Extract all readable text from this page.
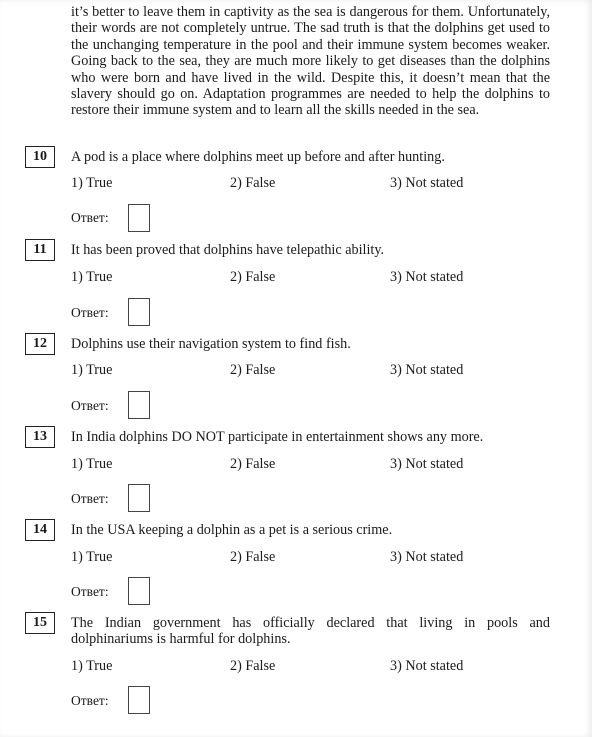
it’s better to leave them in captivity as the sea is dangerous for them. Unfortunately, their words are not completely untrue. The sad truth is that the dolphins get used to the unchanging temperature in the pool and their immune system becomes weaker. Going back to the sea, they are much more likely to get diseases than the dolphins who were born and have lived in the wild. Despite this, it doesn’t mean that the slavery should go on. Adaptation programmes are needed to help the dolphins to restore their immune system and to learn all the skills needed in the sea.

10	A pod is a place where dolphins meet up before and after hunting.

1) True	2) False	3) Not stated
Ответ:
11	It has been proved that dolphins have telepathic ability.

1) True	2) False	3) Not stated
Ответ:
12	Dolphins use their navigation system to find fish.

1) True	2) False	3) Not stated
Ответ:
13	In India dolphins DO NOT participate in entertainment shows any more.

1) True	2) False	3) Not stated
Ответ:
14	In the USA keeping a dolphin as a pet is a serious crime.

1) True	2) False	3) Not stated
Ответ:
15	The Indian government has officially declared that living in pools and dolphinariums is harmful for dolphins.

1) True	2) False	3) Not stated
Ответ:
